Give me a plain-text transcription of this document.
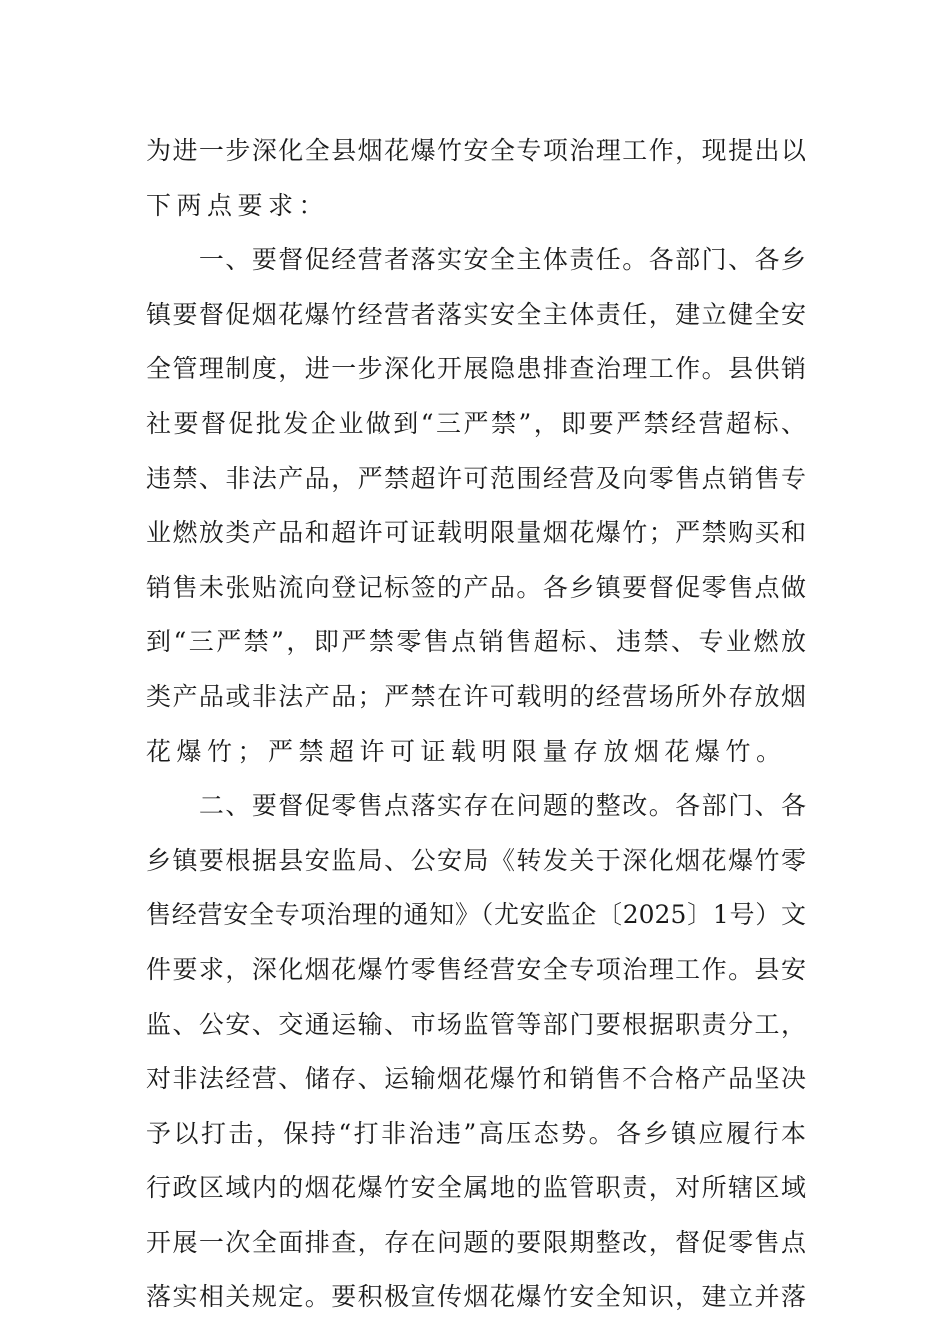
为进一步深化全县烟花爆竹安全专项治理工作，现提出以
下两点要求：
　　一、要督促经营者落实安全主体责任。各部门、各乡
镇要督促烟花爆竹经营者落实安全主体责任，建立健全安
全管理制度，进一步深化开展隐患排查治理工作。县供销
社要督促批发企业做到“三严禁”，即要严禁经营超标、
违禁、非法产品，严禁超许可范围经营及向零售点销售专
业燃放类产品和超许可证载明限量烟花爆竹；严禁购买和
销售未张贴流向登记标签的产品。各乡镇要督促零售点做
到“三严禁”，即严禁零售点销售超标、违禁、专业燃放
类产品或非法产品；严禁在许可载明的经营场所外存放烟
花爆竹；严禁超许可证载明限量存放烟花爆竹。
　　二、要督促零售点落实存在问题的整改。各部门、各
乡镇要根据县安监局、公安局《转发关于深化烟花爆竹零
售经营安全专项治理的通知》（尤安监企〔2025〕1号）文
件要求，深化烟花爆竹零售经营安全专项治理工作。县安
监、公安、交通运输、市场监管等部门要根据职责分工，
对非法经营、储存、运输烟花爆竹和销售不合格产品坚决
予以打击，保持“打非治违”高压态势。各乡镇应履行本
行政区域内的烟花爆竹安全属地的监管职责，对所辖区域
开展一次全面排查，存在问题的要限期整改，督促零售点
落实相关规定。要积极宣传烟花爆竹安全知识，建立并落
